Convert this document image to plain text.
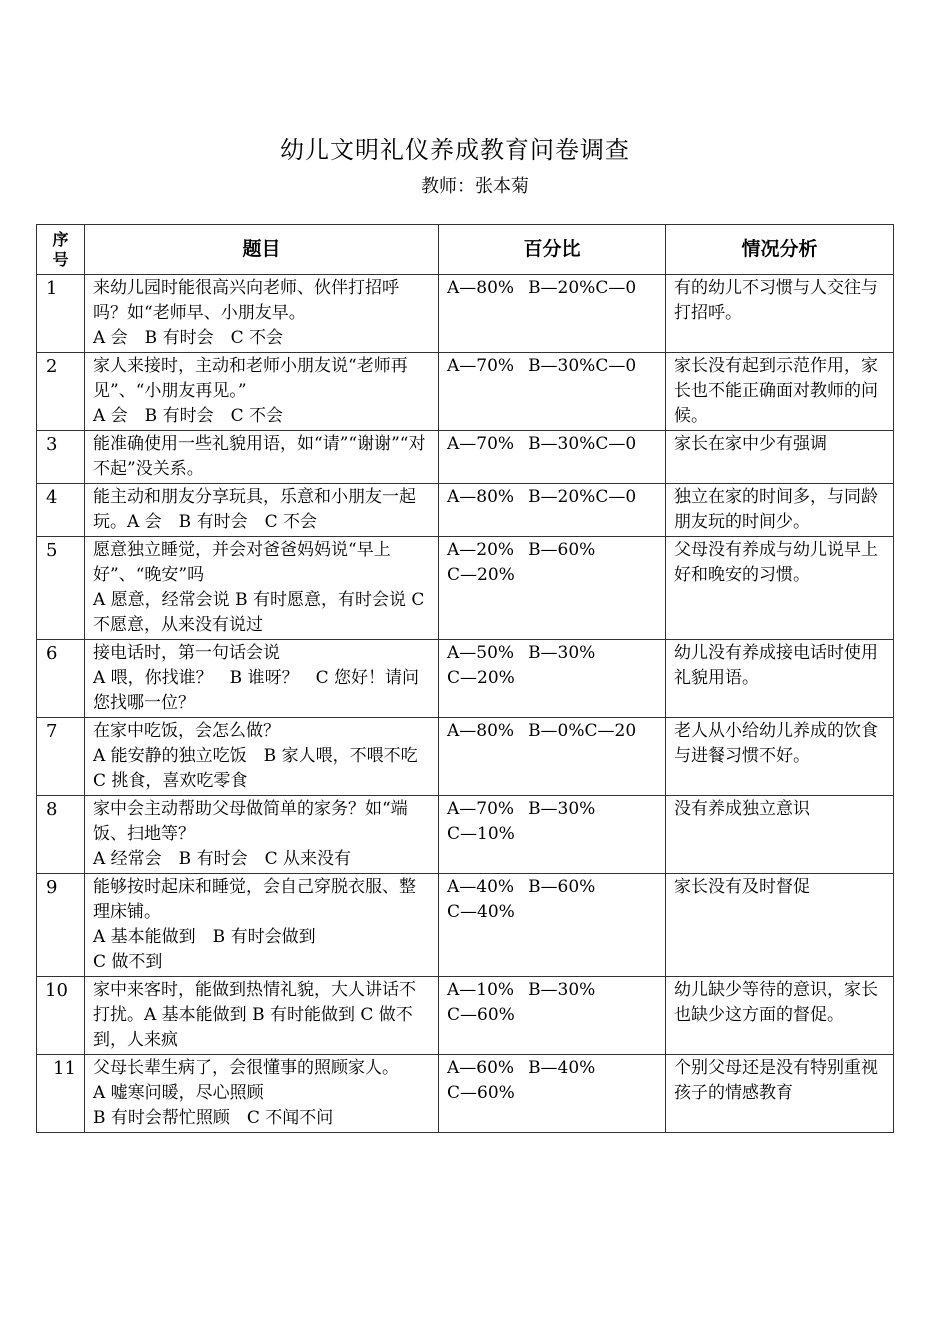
幼儿文明礼仪养成教育问卷调查
教师：张本菊
序
号	题目	百分比	情况分析
1	来幼儿园时能很高兴向老师、伙伴打招呼吗？如“老师早、小朋友早。
A 会　B 有时会　C 不会	A—80% B—20%C—0	有的幼儿不习惯与人交往与打招呼。
2	家人来接时，主动和老师小朋友说“老师再见”、“小朋友再见。”
A 会　B 有时会　C 不会	A—70% B—30%C—0	家长没有起到示范作用，家长也不能正确面对教师的问候。
3	能准确使用一些礼貌用语，如“请”“谢谢”“对不起”没关系。	A—70% B—30%C—0	家长在家中少有强调
4	能主动和朋友分享玩具，乐意和小朋友一起玩。A 会　B 有时会　C 不会	A—80% B—20%C—0	独立在家的时间多，与同龄朋友玩的时间少。
5	愿意独立睡觉，并会对爸爸妈妈说“早上好”、“晚安”吗
A 愿意，经常会说 B 有时愿意，有时会说 C 不愿意，从来没有说过	A—20% B—60%C—20%	父母没有养成与幼儿说早上好和晚安的习惯。
6	接电话时，第一句话会说
A 喂，你找谁？　B 谁呀？　C 您好！请问您找哪一位？	A—50% B—30%C—20%	幼儿没有养成接电话时使用礼貌用语。
7	在家中吃饭，会怎么做？
A 能安静的独立吃饭　B 家人喂，不喂不吃　C 挑食，喜欢吃零食	A—80% B—0%C—20	老人从小给幼儿养成的饮食与进餐习惯不好。
8	家中会主动帮助父母做简单的家务？如“端饭、扫地等？
A 经常会　B 有时会　C 从来没有	A—70% B—30%C—10%	没有养成独立意识
9	能够按时起床和睡觉，会自己穿脱衣服、整理床铺。
A 基本能做到　B 有时会做到
C 做不到	A—40% B—60%C—40%	家长没有及时督促
10	家中来客时，能做到热情礼貌，大人讲话不打扰。A 基本能做到 B 有时能做到 C 做不到，人来疯	A—10% B—30%C—60%	幼儿缺少等待的意识，家长也缺少这方面的督促。
11	父母长辈生病了，会很懂事的照顾家人。
A 嘘寒问暖，尽心照顾
B 有时会帮忙照顾　C 不闻不问	A—60% B—40%C—60%	个别父母还是没有特别重视孩子的情感教育
